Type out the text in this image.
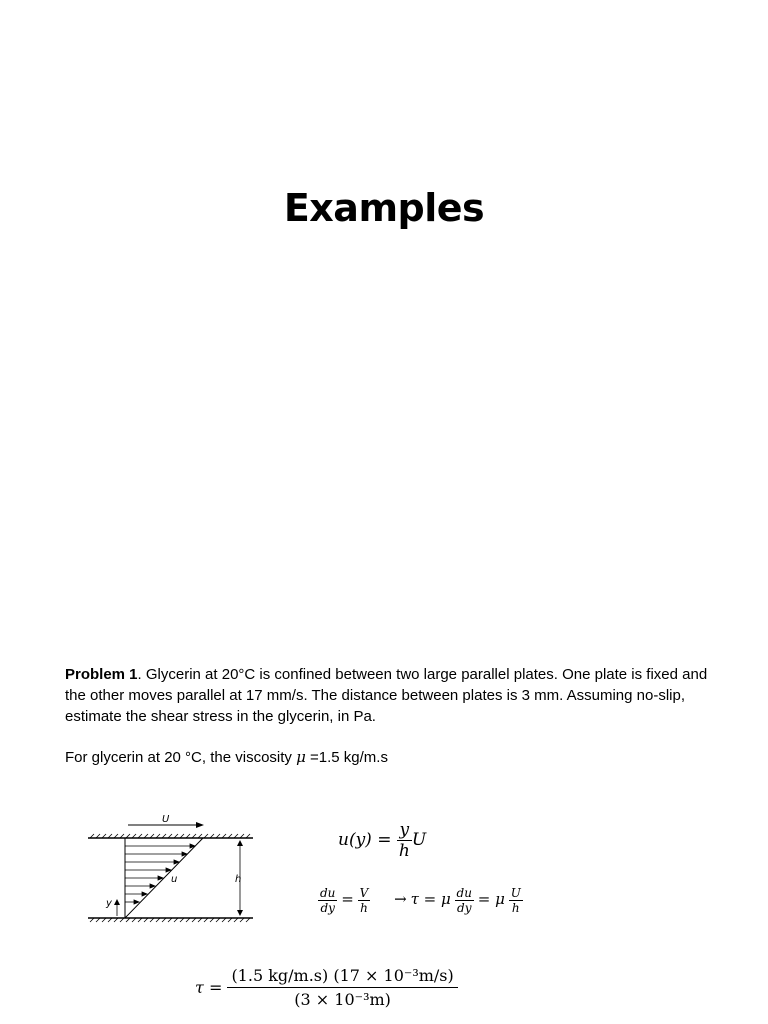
Examples
Problem 1. Glycerin at 20°C is confined between two large parallel plates. One plate is fixed and the other moves parallel at 17 mm/s. The distance between plates is 3 mm. Assuming no-slip, estimate the shear stress in the glycerin, in Pa.
For glycerin at 20 °C, the viscosity μ =1.5 kg/m.s
U
u	h
y
$u(y) = \frac{y}{h}$ U
$\frac{du}{dy} = \frac{V}{h} \to \tau = \mu \frac{du}{dy} = \mu \frac{U}{h}$
$\tau = \frac{\text{(1.5 kg/m.s) (17 × 10⁻³m/s)}}{\text{(3 × 10⁻³m)}}$
